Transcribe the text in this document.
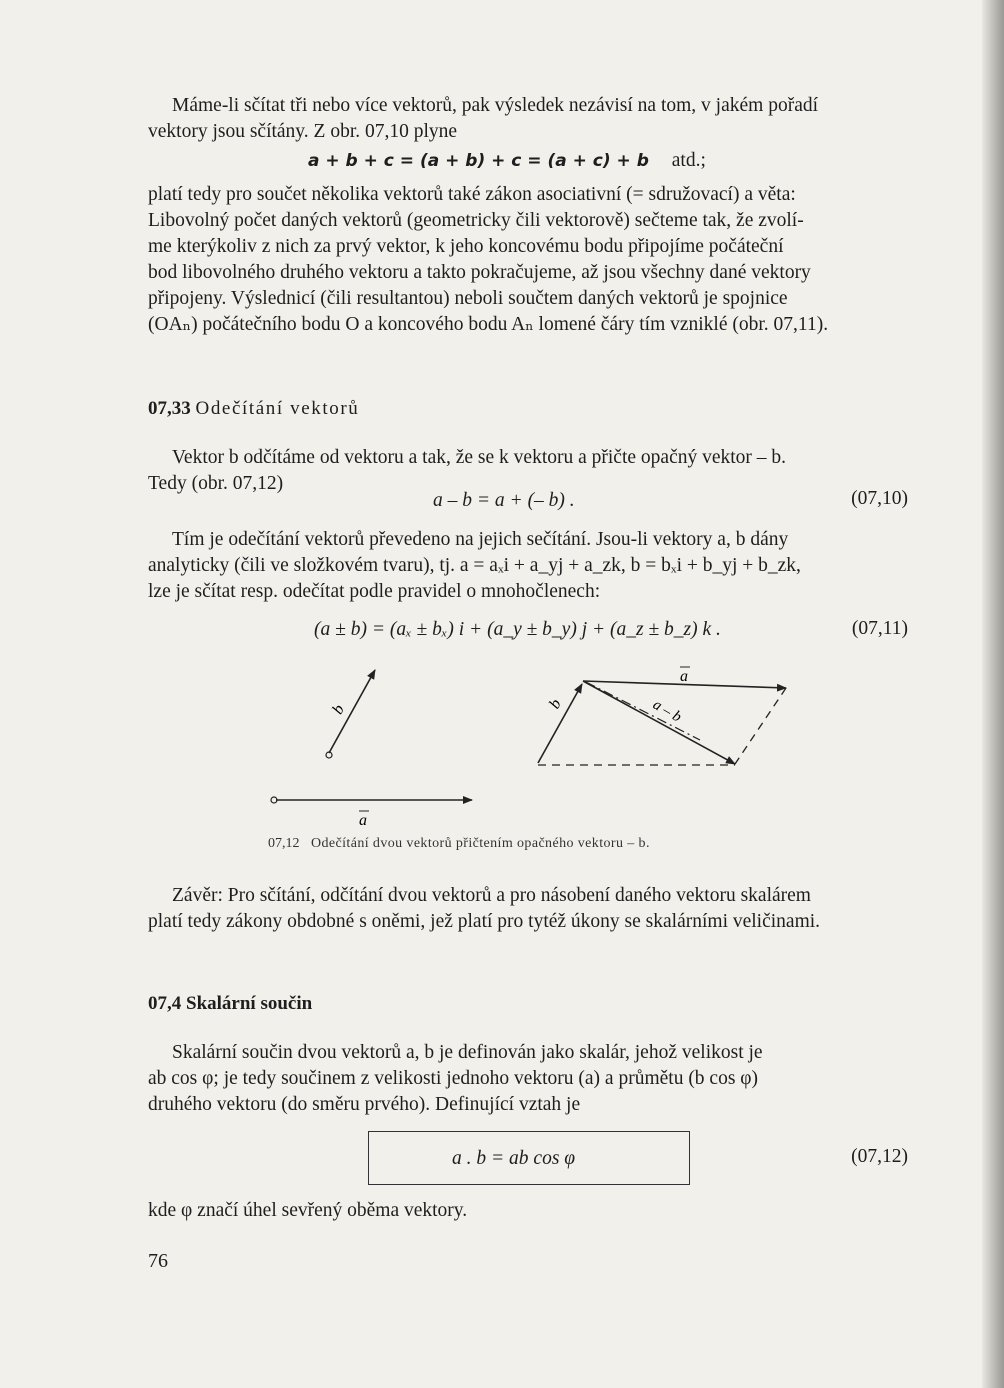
Máme-li sčítat tři nebo více vektorů, pak výsledek nezávisí na tom, v jakém pořadí
vektory jsou sčítány. Z obr. 07,10 plyne
a + b + c = (a + b) + c = (a + c) + b atd.;
platí tedy pro součet několika vektorů také zákon asociativní (= sdružovací) a věta:
Libovolný počet daných vektorů (geometricky čili vektorově) sečteme tak, že zvolí-
me kterýkoliv z nich za prvý vektor, k jeho koncovému bodu připojíme počáteční
bod libovolného druhého vektoru a takto pokračujeme, až jsou všechny dané vektory
připojeny. Výslednicí (čili resultantou) neboli součtem daných vektorů je spojnice
(OAₙ) počátečního bodu O a koncového bodu Aₙ lomené čáry tím vzniklé (obr. 07,11).
07,33 Odečítání vektorů
Vektor b odčítáme od vektoru a tak, že se k vektoru a přičte opačný vektor – b.
Tedy (obr. 07,12)
a – b = a + (– b) .	(07,10)
Tím je odečítání vektorů převedeno na jejich sečítání. Jsou-li vektory a, b dány
analyticky (čili ve složkovém tvaru), tj. a = aₓi + a_yj + a_zk, b = bₓi + b_yj + b_zk,
lze je sčítat resp. odečítat podle pravidel o mnohočlenech:
(a ± b) = (aₓ ± bₓ) i + (a_y ± b_y) j + (a_z ± b_z) k .	(07,11)
b
a
a
b	a – b
07,12 Odečítání dvou vektorů přičtením opačného vektoru – b.
Závěr: Pro sčítání, odčítání dvou vektorů a pro násobení daného vektoru skalárem
platí tedy zákony obdobné s oněmi, jež platí pro tytéž úkony se skalárními veličinami.
07,4 Skalární součin
Skalární součin dvou vektorů a, b je definován jako skalár, jehož velikost je
ab cos φ; je tedy součinem z velikosti jednoho vektoru (a) a průmětu (b cos φ)
druhého vektoru (do směru prvého). Definující vztah je
a . b = ab cos φ	(07,12)
kde φ značí úhel sevřený oběma vektory.
76
